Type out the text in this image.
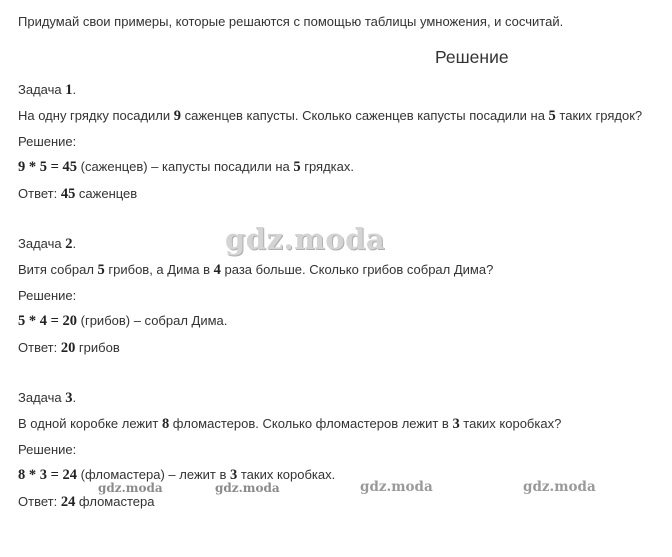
Придумай свои примеры, которые решаются с помощью таблицы умножения, и сосчитай.
Решение
Задача 1.
На одну грядку посадили 9 саженцев капусты. Сколько саженцев капусты посадили на 5 таких грядок?
Решение:
9 * 5 = 45 (саженцев) – капусты посадили на 5 грядках.
Ответ: 45 саженцев
Задача 2.
Витя собрал 5 грибов, а Дима в 4 раза больше. Сколько грибов собрал Дима?
Решение:
5 * 4 = 20 (грибов) – собрал Дима.
Ответ: 20 грибов
Задача 3.
В одной коробке лежит 8 фломастеров. Сколько фломастеров лежит в 3 таких коробках?
Решение:
8 * 3 = 24 (фломастера) – лежит в 3 таких коробках.
Ответ: 24 фломастера
gdz.moda
gdz.moda	gdz.moda	gdz.moda	gdz.moda
